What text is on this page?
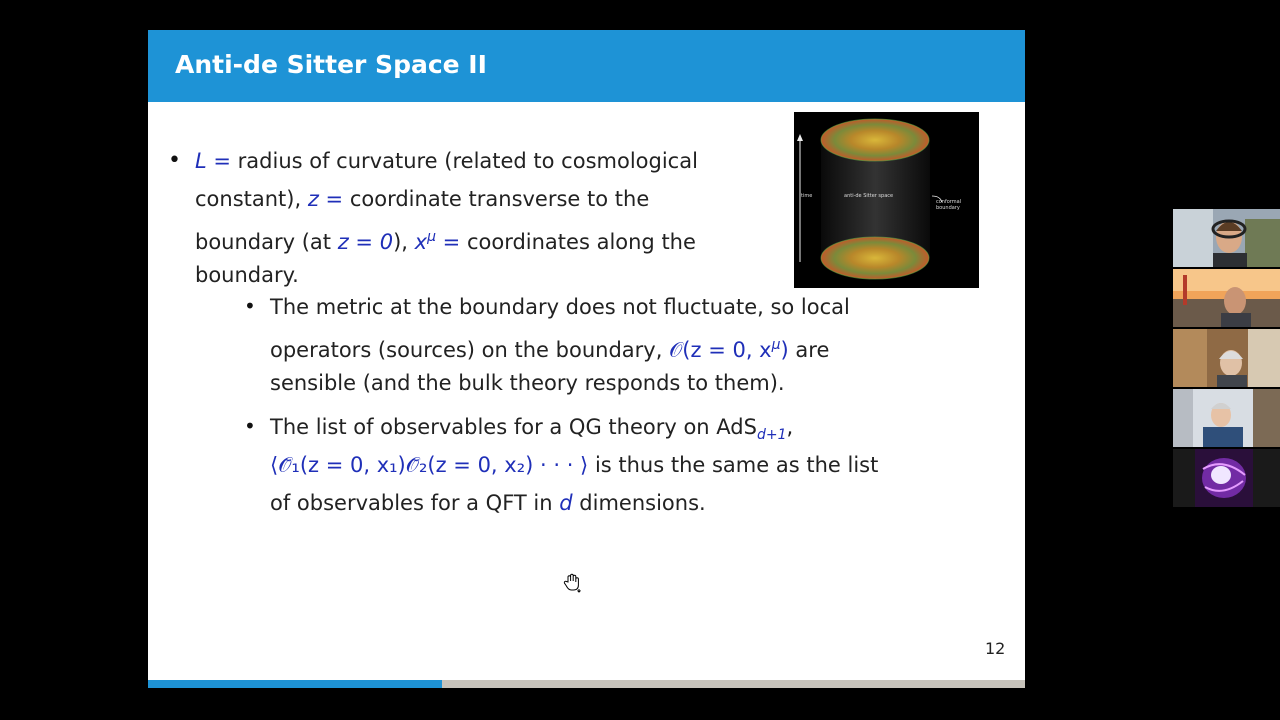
Anti-de Sitter Space II
• L = radius of curvature (related to cosmological
constant), z = coordinate transverse to the
boundary (at z = 0), $x^\mu$ = coordinates along the
boundary.
• The metric at the boundary does not fluctuate, so local
operators (sources) on the boundary, 𝒪(z = 0, $x^\mu$) are
sensible (and the bulk theory responds to them).
• The list of observables for a QG theory on AdS$_{d+1}$,
⟨𝒪̃₁(z = 0, x₁)𝒪̃₂(z = 0, x₂) · · · ⟩ is thus the same as the list
of observables for a QFT in d dimensions.
time	anti-de Sitter space
conformal boundary
12
